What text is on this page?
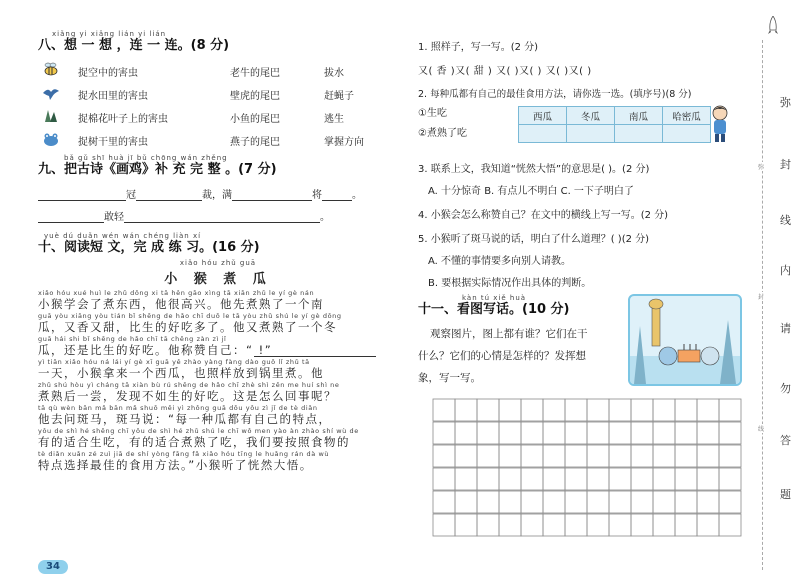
xiǎng yi xiǎng lián yi lián
八、想 一 想 ，连 一 连。(8 分)
捉空中的害虫	老牛的尾巴	拔水
捉水田里的害虫	壁虎的尾巴	赶蝇子
捉棉花叶子上的害虫	小鱼的尾巴	逃生
捉树干里的害虫	燕子的尾巴	掌握方向
bǎ gǔ shī huà jī bǔ chōng wán zhěng
九、把古诗《画鸡》补 充 完 整 。(7 分)
冠	裁，满	将	。
敢轻	。
yuè dú duǎn wén wán chéng liàn xí
十、阅读短 文，完 成 练 习。(16 分)
xiǎo hóu zhǔ guā
小 猴 煮 瓜
xiǎo hóu xué huì le zhǔ dōng xi tā hěn gāo xìng tā xiān zhǔ le yí gè nán
小猴学会了煮东西，他很高兴。他先煮熟了一个南
guā yòu xiāng yòu tián bǐ shēng de hǎo chī duō le tā yòu zhǔ shú le yí gè dōng
瓜，又香又甜，比生的好吃多了。他又煮熟了一个冬
guā hái shi bǐ shēng de hǎo chī tā chēng zàn zì jǐ
瓜，还是比生的好吃。他称赞自己：“ !”
yì tiān xiǎo hóu ná lái yí gè xī guā yě zhào yàng fàng dào guō lǐ zhǔ tā
一天，小猴拿来一个西瓜，也照样放到锅里煮。他
zhǔ shú hòu yì cháng tā xiàn bù rú shēng de hǎo chī zhè shì zěn me huí shì ne
煮熟后一尝，发现不如生的好吃。这是怎么回事呢？
tā qù wèn bān mǎ bān mǎ shuō měi yì zhǒng guā dōu yǒu zì jǐ de tè diǎn
他去问斑马，斑马说：“每一种瓜都有自己的特点，
yǒu de shì hé shēng chī yǒu de shì hé zhǔ shú le chī wǒ men yào àn zhào shí wù de
有的适合生吃，有的适合煮熟了吃，我们要按照食物的
tè diǎn xuǎn zé zuì jiā de shí yòng fāng fǎ xiǎo hóu tīng le huǎng rán dà wù
特点选择最佳的食用方法。”小猴听了恍然大悟。
34
1. 照样子，写一写。(2 分)
又( 香 )又( 甜 ) 又( )又( ) 又( )又( )
2. 每种瓜都有自己的最佳食用方法，请你选一选。(填序号)(8 分)
①生吃
②煮熟了吃
西瓜	冬瓜	南瓜	哈密瓜

3. 联系上文，我知道“恍然大悟”的意思是( )。(2 分)
A. 十分惊奇 B. 有点儿不明白 C. 一下子明白了
4. 小猴会怎么称赞自己？在文中的横线上写一写。(2 分)
5. 小猴听了斑马说的话，明白了什么道理？( )(2 分)
A. 不懂的事情要多向别人请教。
B. 要根据实际情况作出具体的判断。
kàn tú xiě huà
十一、看图写话。(10 分)
观察图片，图上都有谁？它们在干
什么？它们的心情是怎样的？发挥想
象，写一写。
弥
封
线
弥
封
线
内
请
勿
答
题
